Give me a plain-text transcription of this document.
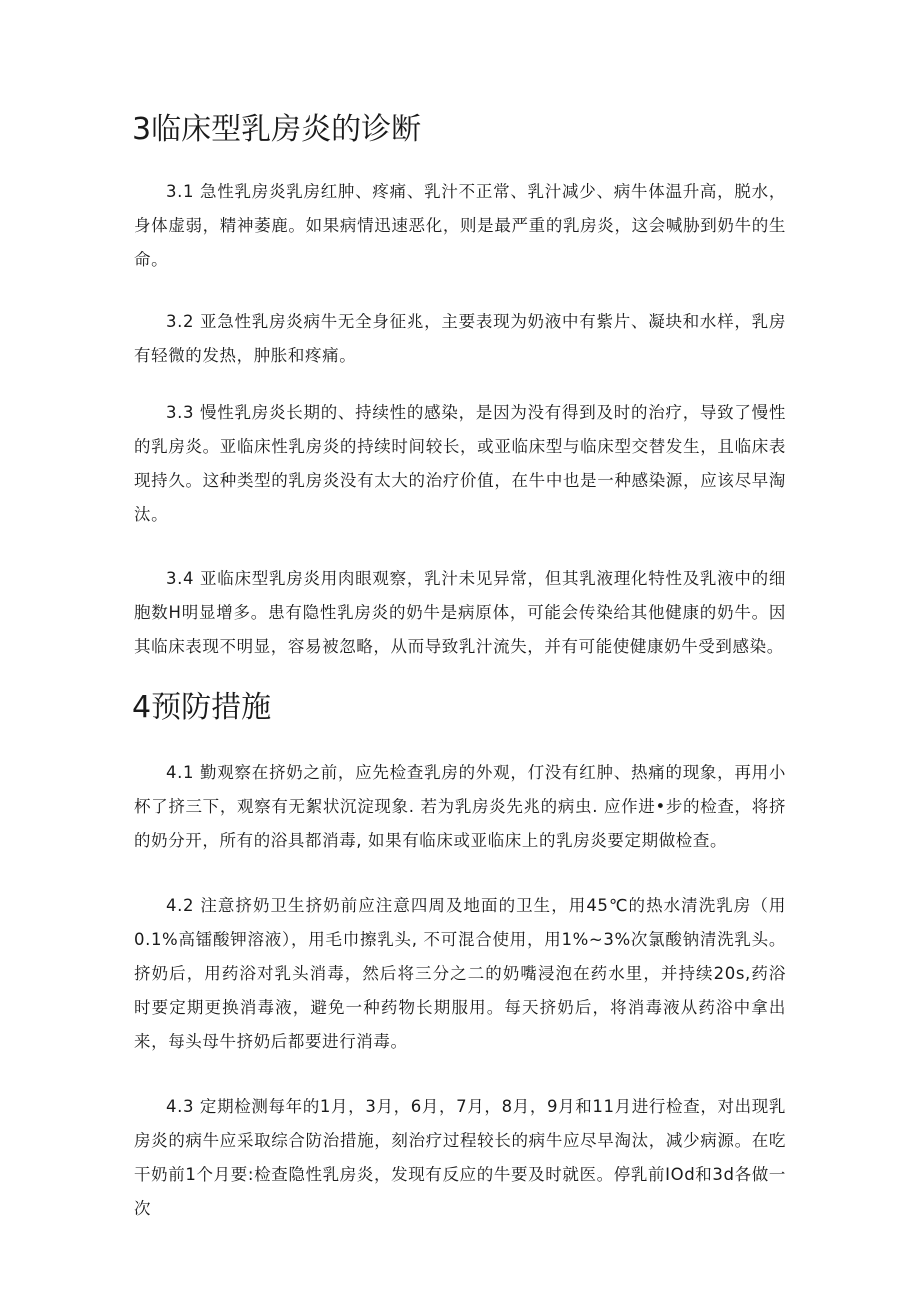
3临床型乳房炎的诊断

3.1 急性乳房炎乳房红肿、疼痛、乳汁不正常、乳汁减少、病牛体温升高，脱水，身体虚弱，精神萎鹿。如果病情迅速恶化，则是最严重的乳房炎，这会喊胁到奶牛的生命。

3.2 亚急性乳房炎病牛无全身征兆，主要表现为奶液中有紫片、凝块和水样，乳房有轻微的发热，肿胀和疼痛。

3.3 慢性乳房炎长期的、持续性的感染，是因为没有得到及时的治疗，导致了慢性的乳房炎。亚临床性乳房炎的持续时间较长，或亚临床型与临床型交替发生，且临床表现持久。这种类型的乳房炎没有太大的治疗价值，在牛中也是一种感染源，应该尽早淘汰。

3.4 亚临床型乳房炎用肉眼观察，乳汁未见异常，但其乳液理化特性及乳液中的细胞数H明显增多。患有隐性乳房炎的奶牛是病原体，可能会传染给其他健康的奶牛。因其临床表现不明显，容易被忽略，从而导致乳汁流失，并有可能使健康奶牛受到感染。

4预防措施

4.1 勤观察在挤奶之前，应先检查乳房的外观，仃没有红肿、热痛的现象，再用小杯了挤三下，观察有无絮状沉淀现象. 若为乳房炎先兆的病虫. 应作进•步的检查，将挤的奶分开，所有的浴具都消毒, 如果有临床或亚临床上的乳房炎要定期做检查。

4.2 注意挤奶卫生挤奶前应注意四周及地面的卫生，用45℃的热水清洗乳房（用0.1%高镭酸钾溶液），用毛巾擦乳头, 不可混合使用，用1%~3%次氯酸钠清洗乳头。挤奶后，用药浴对乳头消毒，然后将三分之二的奶嘴浸泡在药水里，并持续20s,药浴时要定期更换消毒液，避免一种药物长期服用。每天挤奶后，将消毒液从药浴中拿出来，每头母牛挤奶后都要进行消毒。

4.3 定期检测每年的1月，3月，6月，7月，8月，9月和11月进行检查，对出现乳房炎的病牛应采取综合防治措施，刻治疗过程较长的病牛应尽早淘汰，减少病源。在吃干奶前1个月要:检查隐性乳房炎，发现有反应的牛要及时就医。停乳前IOd和3d各做一次
